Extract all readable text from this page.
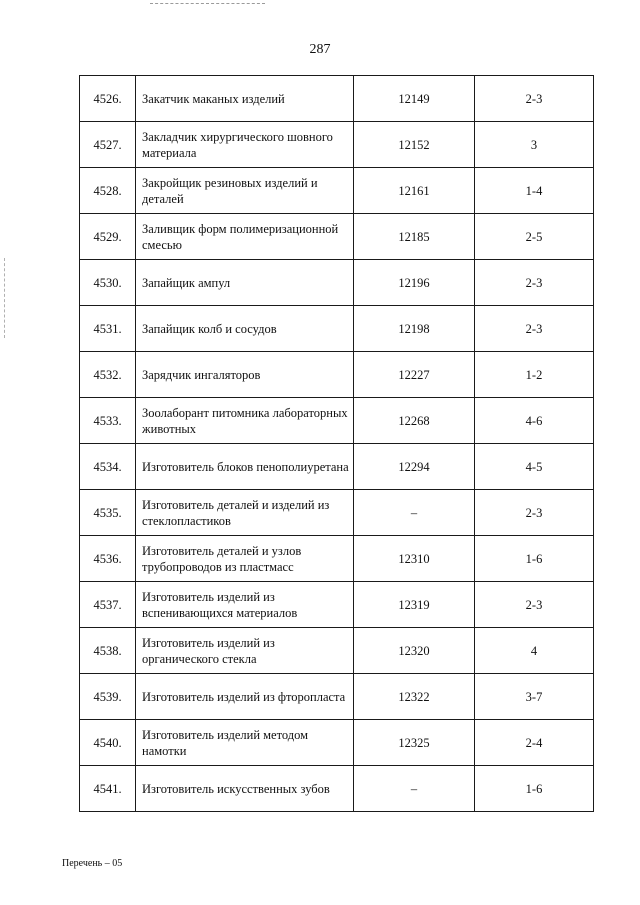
287
4526.	Закатчик маканых изделий	12149	2-3
4527.	Закладчик хирургического шовного материала	12152	3
4528.	Закройщик резиновых изделий и деталей	12161	1-4
4529.	Заливщик форм полимеризационной смесью	12185	2-5
4530.	Запайщик ампул	12196	2-3
4531.	Запайщик колб и сосудов	12198	2-3
4532.	Зарядчик ингаляторов	12227	1-2
4533.	Зоолаборант питомника лабораторных животных	12268	4-6
4534.	Изготовитель блоков пенополиуретана	12294	4-5
4535.	Изготовитель деталей и изделий из стеклопластиков	–	2-3
4536.	Изготовитель деталей и узлов трубопроводов из пластмасс	12310	1-6
4537.	Изготовитель изделий из вспенивающихся материалов	12319	2-3
4538.	Изготовитель изделий из органического стекла	12320	4
4539.	Изготовитель изделий из фторопласта	12322	3-7
4540.	Изготовитель изделий методом намотки	12325	2-4
4541.	Изготовитель искусственных зубов	–	1-6
Перечень – 05
